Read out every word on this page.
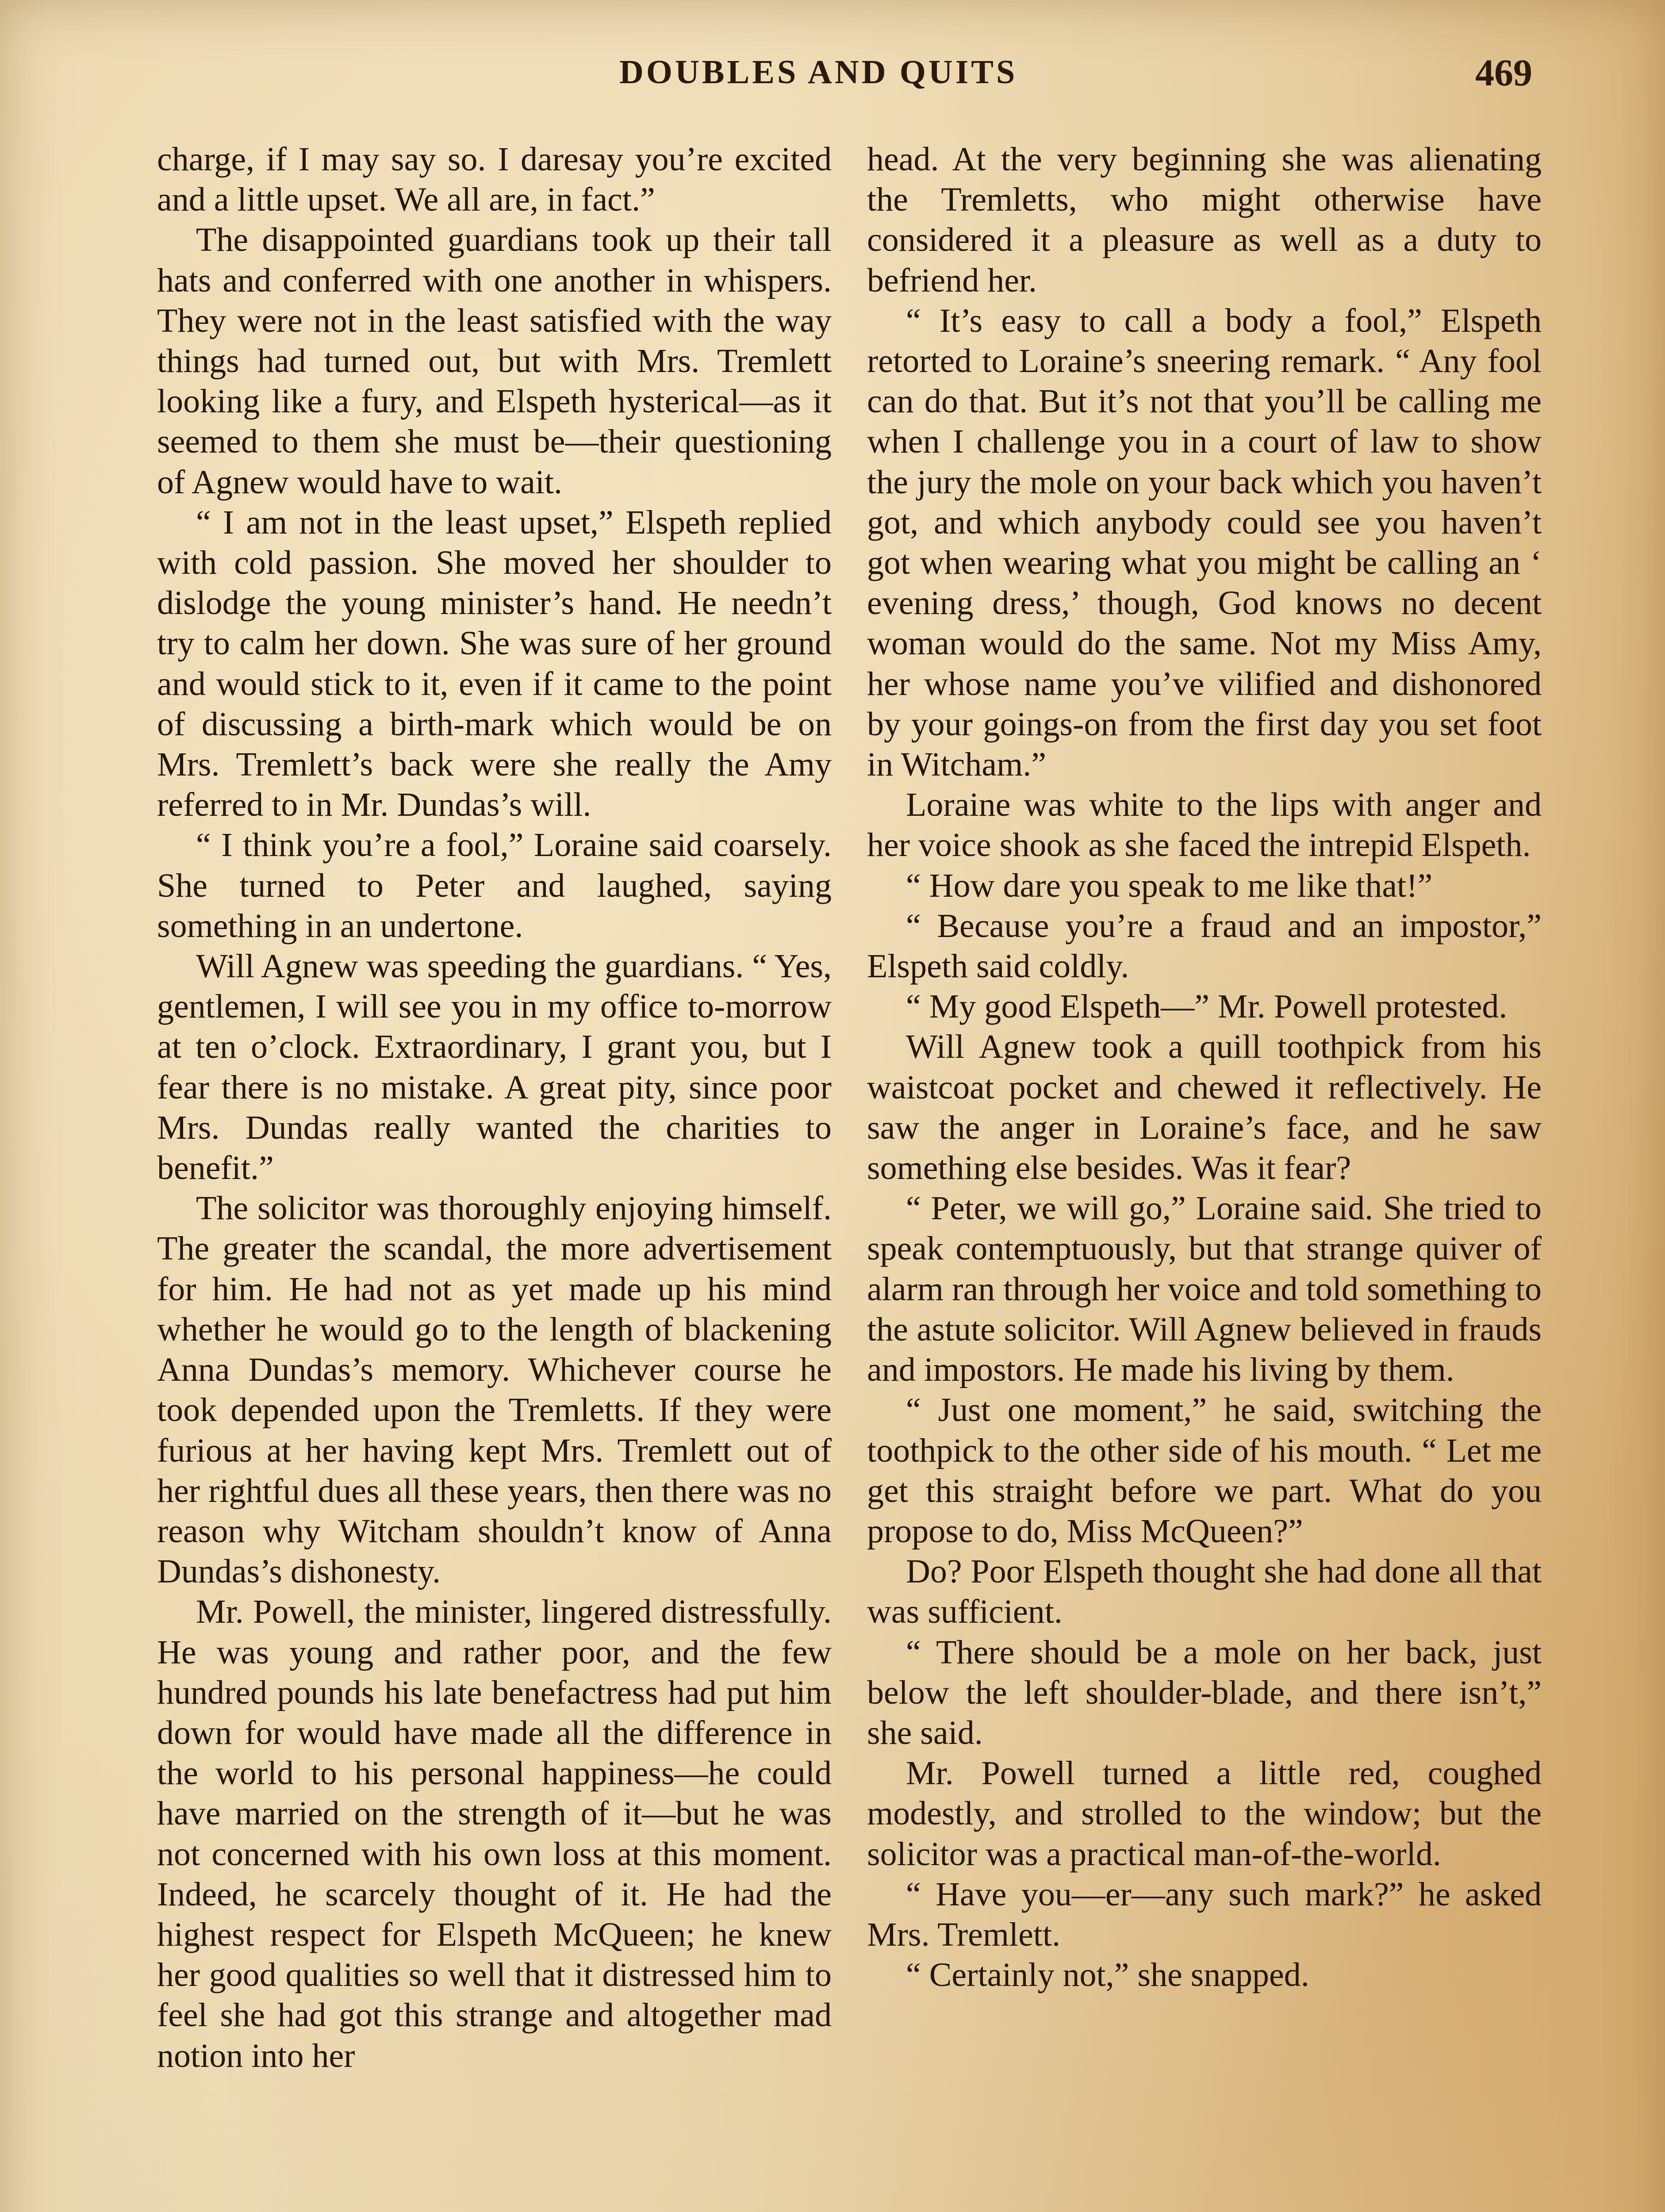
DOUBLES AND QUITS	469

charge, if I may say so. I daresay you’re excited and a little upset. We all are, in fact.”

The disappointed guardians took up their tall hats and conferred with one another in whispers. They were not in the least satisfied with the way things had turned out, but with Mrs. Tremlett looking like a fury, and Elspeth hysterical—as it seemed to them she must be—their questioning of Agnew would have to wait.

“ I am not in the least upset,” Elspeth replied with cold passion. She moved her shoulder to dislodge the young minister’s hand. He needn’t try to calm her down. She was sure of her ground and would stick to it, even if it came to the point of discussing a birth-mark which would be on Mrs. Tremlett’s back were she really the Amy referred to in Mr. Dundas’s will.

“ I think you’re a fool,” Loraine said coarsely. She turned to Peter and laughed, saying something in an undertone.

Will Agnew was speeding the guardians. “ Yes, gentlemen, I will see you in my office to-morrow at ten o’clock. Extraordinary, I grant you, but I fear there is no mistake. A great pity, since poor Mrs. Dundas really wanted the charities to benefit.”

The solicitor was thoroughly enjoying himself. The greater the scandal, the more advertisement for him. He had not as yet made up his mind whether he would go to the length of blackening Anna Dundas’s memory. Whichever course he took depended upon the Tremletts. If they were furious at her having kept Mrs. Tremlett out of her rightful dues all these years, then there was no reason why Witcham shouldn’t know of Anna Dundas’s dishonesty.

Mr. Powell, the minister, lingered distressfully. He was young and rather poor, and the few hundred pounds his late benefactress had put him down for would have made all the difference in the world to his personal happiness—he could have married on the strength of it—but he was not concerned with his own loss at this moment. Indeed, he scarcely thought of it. He had the highest respect for Elspeth McQueen; he knew her good qualities so well that it distressed him to feel she had got this strange and altogether mad notion into her

head. At the very beginning she was alienating the Tremletts, who might otherwise have considered it a pleasure as well as a duty to befriend her.

“ It’s easy to call a body a fool,” Elspeth retorted to Loraine’s sneering remark. “ Any fool can do that. But it’s not that you’ll be calling me when I challenge you in a court of law to show the jury the mole on your back which you haven’t got, and which anybody could see you haven’t got when wearing what you might be calling an ‘ evening dress,’ though, God knows no decent woman would do the same. Not my Miss Amy, her whose name you’ve vilified and dishonored by your goings-on from the first day you set foot in Witcham.”

Loraine was white to the lips with anger and her voice shook as she faced the intrepid Elspeth.

“ How dare you speak to me like that!”

“ Because you’re a fraud and an impostor,” Elspeth said coldly.

“ My good Elspeth—” Mr. Powell protested.

Will Agnew took a quill toothpick from his waistcoat pocket and chewed it reflectively. He saw the anger in Loraine’s face, and he saw something else besides. Was it fear?

“ Peter, we will go,” Loraine said. She tried to speak contemptuously, but that strange quiver of alarm ran through her voice and told something to the astute solicitor. Will Agnew believed in frauds and impostors. He made his living by them.

“ Just one moment,” he said, switching the toothpick to the other side of his mouth. “ Let me get this straight before we part. What do you propose to do, Miss McQueen?”

Do? Poor Elspeth thought she had done all that was sufficient.

“ There should be a mole on her back, just below the left shoulder-blade, and there isn’t,” she said.

Mr. Powell turned a little red, coughed modestly, and strolled to the window; but the solicitor was a practical man-of-the-world.

“ Have you—er—any such mark?” he asked Mrs. Tremlett.

“ Certainly not,” she snapped.
